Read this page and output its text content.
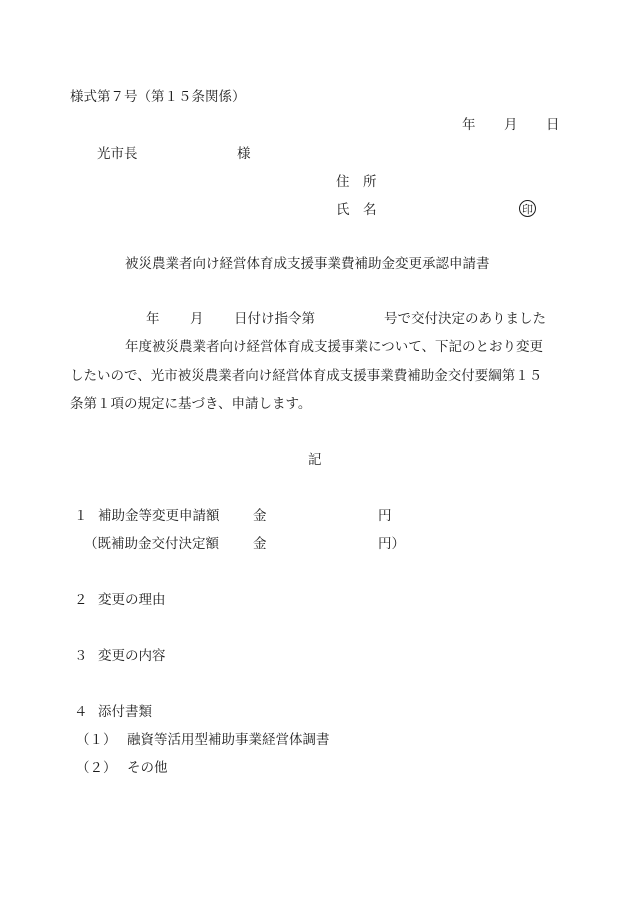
様式第７号（第１５条関係）
年 月 日
光市長	様
住　所
氏　名	印
被災農業者向け経営体育成支援事業費補助金変更承認申請書
年 月 日付け指令第	号で交付決定のありました
年度被災農業者向け経営体育成支援事業について、下記のとおり変更
したいので、光市被災農業者向け経営体育成支援事業費補助金交付要綱第１５
条第１項の規定に基づき、申請します。
記
１ 補助金等変更申請額 金	円
（既補助金交付決定額	金	円）
２ 変更の理由
３ 変更の内容
４ 添付書類
（１） 融資等活用型補助事業経営体調書
（２） その他
